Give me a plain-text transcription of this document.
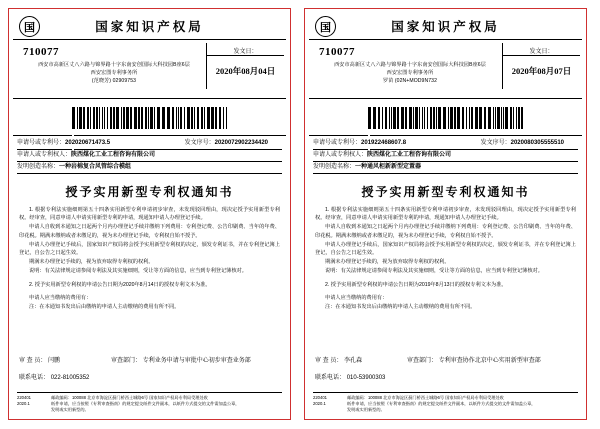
国	国家知识产权局
710077
西安市高新区丈八六路与锦界路十字东南安创国际大科技园B座6层
西安宏图专利事务所
(范晓芳) 02909753
发文日：
2020年08月04日
申请号或专利号： 202020671473.5	发文序号： 2020072902234420
申请人或专利权人： 陕西煤化工业工程咨询有限公司
发明创造名称： 一种岩棉复合风管综合模组
授予实用新型专利权通知书

1. 根据专利法实施细则第五十四条实用新型专利申请初步审查，未发现驳回理由，现决定授予实用新型专利权。经审查，同意申请人申请实用新型专利的申请，现通知申请人办理登记手续。

申请人自收到本通知之日起两个月内办理登记手续并缴纳下列费用：专利登记费、公告印刷费、当年的年费、印花税。期满未缴纳或者未缴足的，视为未办理登记手续，专利权自始不授予。

申请人办理登记手续后，国家知识产权局将会授予实用新型专利权的决定，颁发专利证书，并在专利登记簿上登记，自公告之日起生效。

期满未办理登记手续的，视为放弃取得专利权的权利。

说明：有关法律规定请参阅专利法及其实施细则，受让等方面的信息，应当到专利登记簿核对。

2. 授予实用新型专利权的申请公告日期为2020年8月14日的授权专利文本为准。

申请人应当缴纳的费用有：

注：在本通知书发出后由缴纳的申请人主动缴纳的费用有所不同。

审 查 员： 闫鹏	审查部门： 专利业务申请与审批中心初步审查业务部
联系电话： 022-81005352
220401
2020.1
邮政编码：100088 北京市海淀区蓟门桥西土城路6号 国家知识产权局专利局受理处收
纸件申请，应当按照《专利审查指南》的规定提交纸件文件副本，以纸件方式提交的文件需加盖公章，
发明或实用新型的。
国	国家知识产权局
710077
西安市高新区丈八六路与锦界路十字东南安创国际大科技园B座6层
西安宏图专利事务所
罗苗 (02N+MOD9N732
发文日：
2020年08月07日
申请号或专利号： 201922468607.8	发文序号： 2020080305555510
申请人或专利权人： 陕西煤化工业工程咨询有限公司
发明创造名称： 一种通风柜新新型定置器
授予实用新型专利权通知书

1. 根据专利法实施细则第五十四条实用新型专利申请初步审查，未发现驳回理由，现决定授予实用新型专利权。经审查，同意申请人申请实用新型专利的申请，现通知申请人办理登记手续。

申请人自收到本通知之日起两个月内办理登记手续并缴纳下列费用：专利登记费、公告印刷费、当年的年费、印花税。期满未缴纳或者未缴足的，视为未办理登记手续，专利权自始不授予。

申请人办理登记手续后，国家知识产权局将会授予实用新型专利权的决定，颁发专利证书，并在专利登记簿上登记，自公告之日起生效。

期满未办理登记手续的，视为放弃取得专利权的权利。

说明：有关法律规定请参阅专利法及其实施细则，受让等方面的信息，应当到专利登记簿核对。

2. 授予实用新型专利权的申请公告日期为2019年8月13日的授权专利文本为准。

申请人应当缴纳的费用有：

注：在本通知书发出后由缴纳的申请人主动缴纳的费用有所不同。

审 查 员： 李孔森	审查部门： 专利审查协作北京中心实用新型审查部
联系电话： 010-53900303
220401
2020.1
邮政编码：100088 北京市海淀区蓟门桥西土城路6号 国家知识产权局专利局受理处收
纸件申请，应当按照《专利审查指南》的规定提交纸件文件副本，以纸件方式提交的文件需加盖公章，
发明或实用新型的。
